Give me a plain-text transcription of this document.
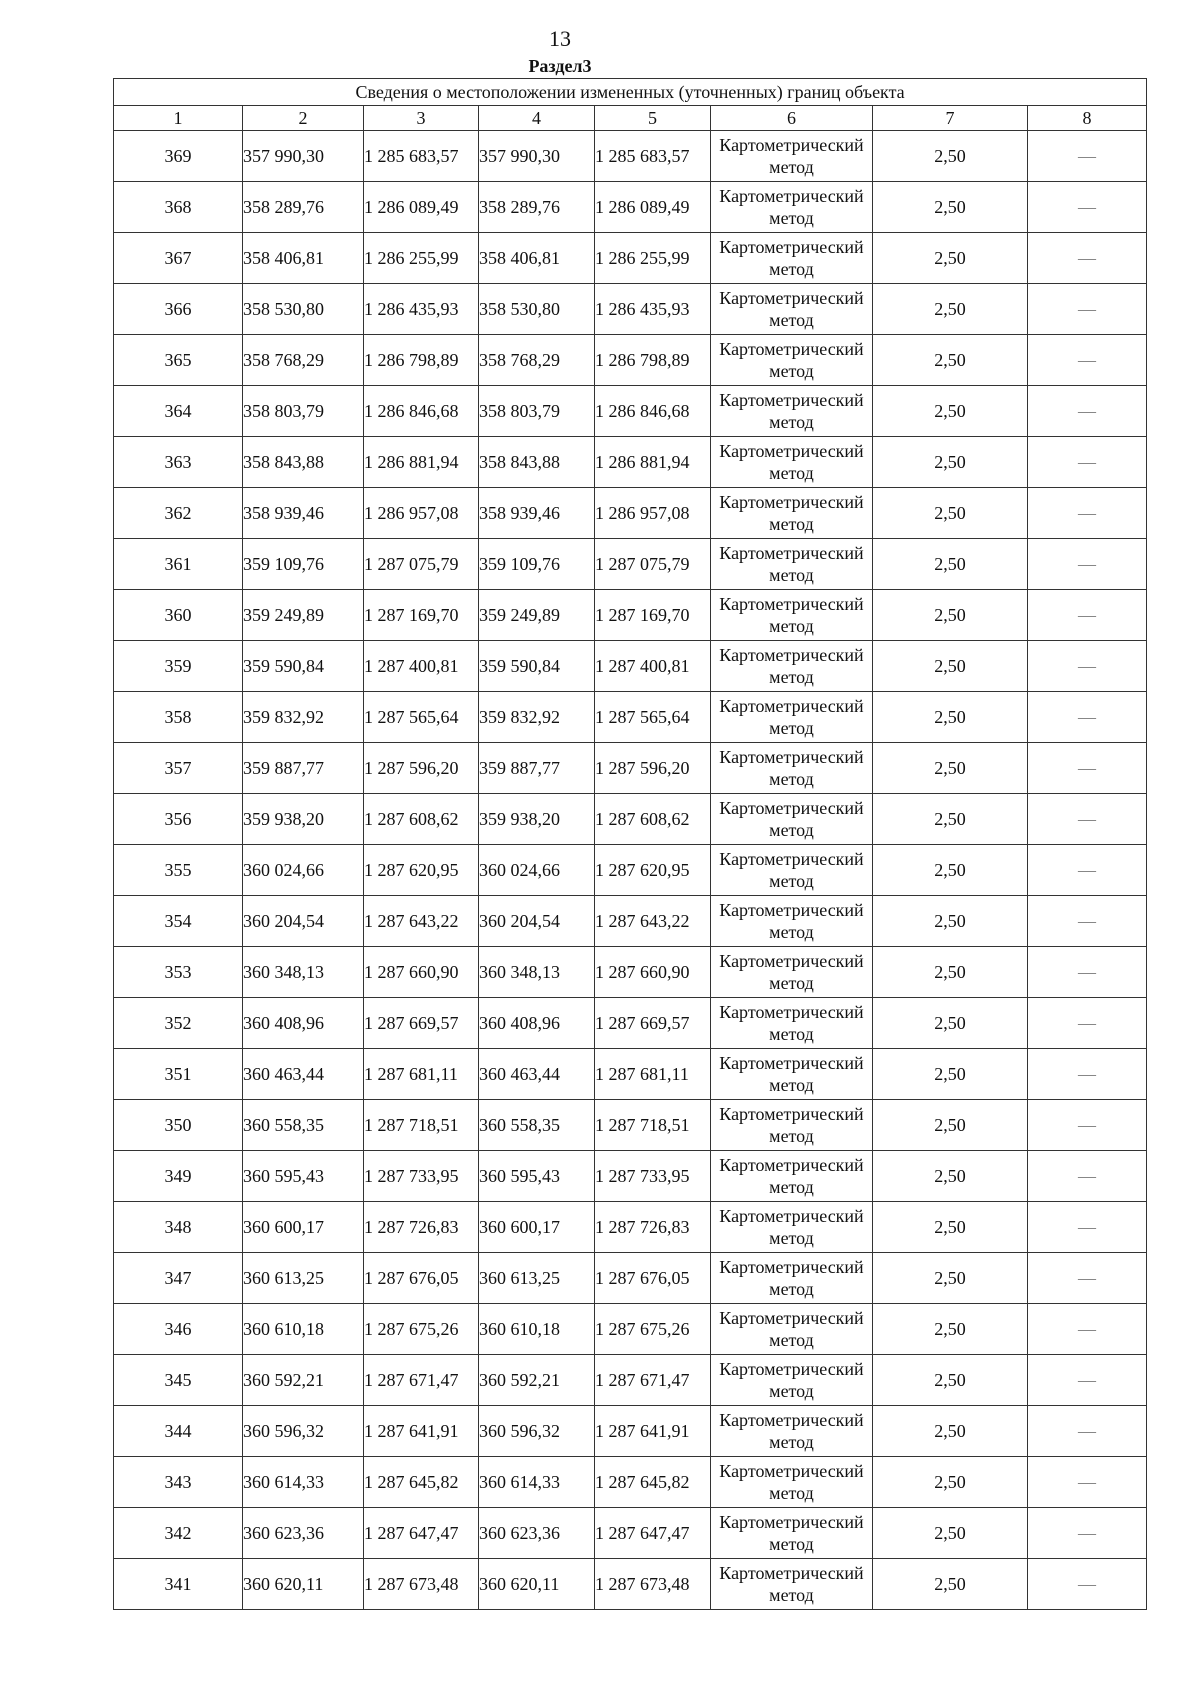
13
Раздел3
Сведения о местоположении измененных (уточненных) границ объекта							
1	2	3	4	5	6	7	8
369	357 990,30	1 285 683,57	357 990,30	1 285 683,57	Картометрический метод	2,50	—
368	358 289,76	1 286 089,49	358 289,76	1 286 089,49	Картометрический метод	2,50	—
367	358 406,81	1 286 255,99	358 406,81	1 286 255,99	Картометрический метод	2,50	—
366	358 530,80	1 286 435,93	358 530,80	1 286 435,93	Картометрический метод	2,50	—
365	358 768,29	1 286 798,89	358 768,29	1 286 798,89	Картометрический метод	2,50	—
364	358 803,79	1 286 846,68	358 803,79	1 286 846,68	Картометрический метод	2,50	—
363	358 843,88	1 286 881,94	358 843,88	1 286 881,94	Картометрический метод	2,50	—
362	358 939,46	1 286 957,08	358 939,46	1 286 957,08	Картометрический метод	2,50	—
361	359 109,76	1 287 075,79	359 109,76	1 287 075,79	Картометрический метод	2,50	—
360	359 249,89	1 287 169,70	359 249,89	1 287 169,70	Картометрический метод	2,50	—
359	359 590,84	1 287 400,81	359 590,84	1 287 400,81	Картометрический метод	2,50	—
358	359 832,92	1 287 565,64	359 832,92	1 287 565,64	Картометрический метод	2,50	—
357	359 887,77	1 287 596,20	359 887,77	1 287 596,20	Картометрический метод	2,50	—
356	359 938,20	1 287 608,62	359 938,20	1 287 608,62	Картометрический метод	2,50	—
355	360 024,66	1 287 620,95	360 024,66	1 287 620,95	Картометрический метод	2,50	—
354	360 204,54	1 287 643,22	360 204,54	1 287 643,22	Картометрический метод	2,50	—
353	360 348,13	1 287 660,90	360 348,13	1 287 660,90	Картометрический метод	2,50	—
352	360 408,96	1 287 669,57	360 408,96	1 287 669,57	Картометрический метод	2,50	—
351	360 463,44	1 287 681,11	360 463,44	1 287 681,11	Картометрический метод	2,50	—
350	360 558,35	1 287 718,51	360 558,35	1 287 718,51	Картометрический метод	2,50	—
349	360 595,43	1 287 733,95	360 595,43	1 287 733,95	Картометрический метод	2,50	—
348	360 600,17	1 287 726,83	360 600,17	1 287 726,83	Картометрический метод	2,50	—
347	360 613,25	1 287 676,05	360 613,25	1 287 676,05	Картометрический метод	2,50	—
346	360 610,18	1 287 675,26	360 610,18	1 287 675,26	Картометрический метод	2,50	—
345	360 592,21	1 287 671,47	360 592,21	1 287 671,47	Картометрический метод	2,50	—
344	360 596,32	1 287 641,91	360 596,32	1 287 641,91	Картометрический метод	2,50	—
343	360 614,33	1 287 645,82	360 614,33	1 287 645,82	Картометрический метод	2,50	—
342	360 623,36	1 287 647,47	360 623,36	1 287 647,47	Картометрический метод	2,50	—
341	360 620,11	1 287 673,48	360 620,11	1 287 673,48	Картометрический метод	2,50	—
